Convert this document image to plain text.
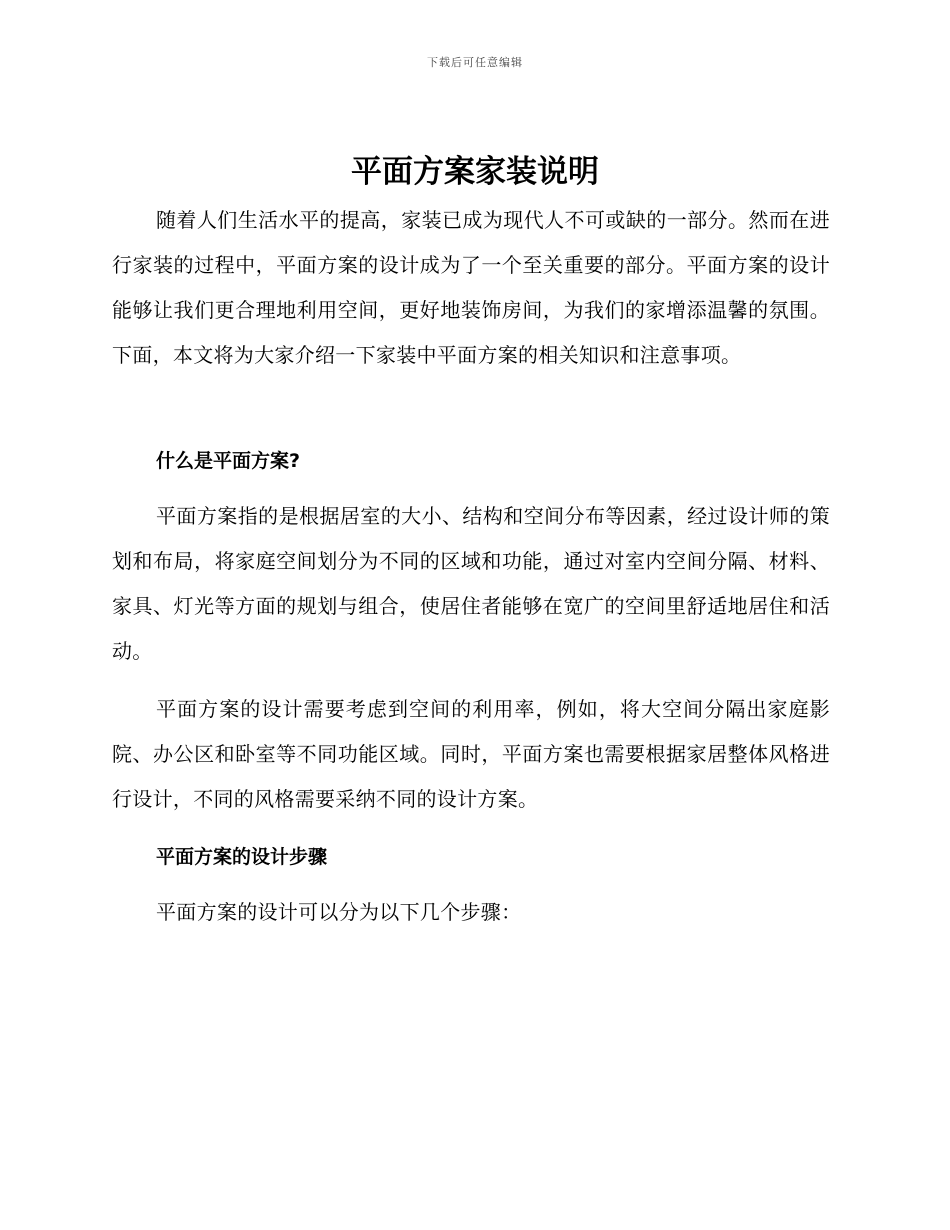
下载后可任意编辑
平面方案家装说明

随着人们生活水平的提高，家装已成为现代人不可或缺的一部分。然而在进行家装的过程中，平面方案的设计成为了一个至关重要的部分。平面方案的设计能够让我们更合理地利用空间，更好地装饰房间，为我们的家增添温馨的氛围。下面，本文将为大家介绍一下家装中平面方案的相关知识和注意事项。

什么是平面方案?

平面方案指的是根据居室的大小、结构和空间分布等因素，经过设计师的策划和布局，将家庭空间划分为不同的区域和功能，通过对室内空间分隔、材料、家具、灯光等方面的规划与组合，使居住者能够在宽广的空间里舒适地居住和活动。

平面方案的设计需要考虑到空间的利用率，例如，将大空间分隔出家庭影院、办公区和卧室等不同功能区域。同时，平面方案也需要根据家居整体风格进行设计，不同的风格需要采纳不同的设计方案。

平面方案的设计步骤

平面方案的设计可以分为以下几个步骤：
